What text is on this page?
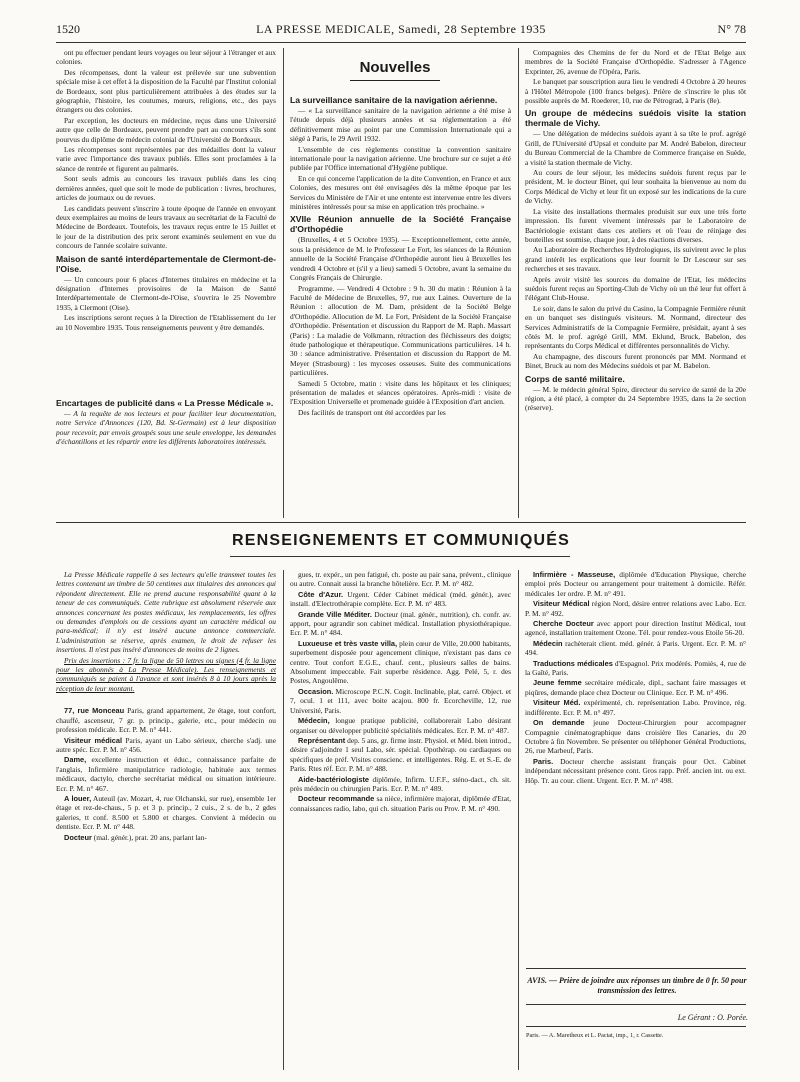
1520	LA PRESSE MEDICALE, Samedi, 28 Septembre 1935	N° 78

ont pu effectuer pendant leurs voyages ou leur séjour à l'étranger et aux colonies.

Des récompenses, dont la valeur est prélevée sur une subvention spéciale mise à cet effet à la disposition de la Faculté par l'Institut colonial de Bordeaux, sont plus particulièrement attribuées à des études sur la géographie, l'histoire, les coutumes, mœurs, religions, etc., des pays étrangers ou des colonies.

Par exception, les docteurs en médecine, reçus dans une Université autre que celle de Bordeaux, peuvent prendre part au concours s'ils sont pourvus du diplôme de médecin colonial de l'Université de Bordeaux.

Les récompenses sont représentées par des médailles dont la valeur varie avec l'importance des travaux publiés. Elles sont proclamées à la séance de rentrée et figurent au palmarès.

Sont seuls admis au concours les travaux publiés dans les cinq dernières années, quel que soit le mode de publication : livres, brochures, articles de journaux ou de revues.

Les candidats peuvent s'inscrire à toute époque de l'année en envoyant deux exemplaires au moins de leurs travaux au secrétariat de la Faculté de Médecine de Bordeaux. Toutefois, les travaux reçus entre le 15 Juillet et le jour de la distribution des prix seront examinés seulement en vue du concours de l'année scolaire suivante.

Maison de santé interdépartementale de Clermont-de-l'Oise.

— Un concours pour 6 places d'Internes titulaires en médecine et la désignation d'Internes provisoires de la Maison de Santé Interdépartementale de Clermont-de-l'Oise, s'ouvrira le 25 Novembre 1935, à Clermont (Oise).

Les inscriptions seront reçues à la Direction de l'Etablissement du 1er au 10 Novembre 1935. Tous renseignements peuvent y être demandés.

Encartages de publicité dans « La Presse Médicale ».

— A la requête de nos lecteurs et pour faciliter leur documentation, notre Service d'Annonces (120, Bd. St-Germain) est à leur disposition pour recevoir, par envois groupés sous une seule enveloppe, les demandes d'échantillons et les répartir entre les différents laboratoires intéressés.

Nouvelles

La surveillance sanitaire de la navigation aérienne.

— « La surveillance sanitaire de la navigation aérienne a été mise à l'étude depuis déjà plusieurs années et sa réglementation a été définitivement mise au point par une Commission Internationale qui a siégé à Paris, le 29 Avril 1932.

L'ensemble de ces règlements constitue la convention sanitaire internationale pour la navigation aérienne. Une brochure sur ce sujet a été publiée par l'Office international d'Hygiène publique.

En ce qui concerne l'application de la dite Convention, en France et aux Colonies, des mesures ont été envisagées dès la même époque par les Services du Ministère de l'Air et une entente est intervenue entre les divers ministères intéressés pour sa mise en application très prochaine. »

XVIIe Réunion annuelle de la Société Française d'Orthopédie

(Bruxelles, 4 et 5 Octobre 1935). — Exceptionnellement, cette année, sous la présidence de M. le Professeur Le Fort, les séances de la Réunion annuelle de la Société Française d'Orthopédie auront lieu à Bruxelles les vendredi 4 Octobre et (s'il y a lieu) samedi 5 Octobre, avant la semaine du Congrès Français de Chirurgie.

Programme. — Vendredi 4 Octobre : 9 h. 30 du matin : Réunion à la Faculté de Médecine de Bruxelles, 97, rue aux Laines. Ouverture de la Réunion : allocution de M. Dam, président de la Société Belge d'Orthopédie. Allocution de M. Le Fort, Président de la Société Française d'Orthopédie. Présentation et discussion du Rapport de M. Raph. Massart (Paris) : La maladie de Volkmann, rétraction des fléchisseurs des doigts; étude pathologique et thérapeutique. Communications particulières. 14 h. 30 : séance administrative. Présentation et discussion du Rapport de M. Meyer (Strasbourg) : les mycoses osseuses. Suite des communications particulières.

Samedi 5 Octobre, matin : visite dans les hôpitaux et les cliniques; présentation de malades et séances opératoires. Après-midi : visite de l'Exposition Universelle et promenade guidée à l'Exposition d'art ancien.

Des facilités de transport ont été accordées par les

Compagnies des Chemins de fer du Nord et de l'Etat Belge aux membres de la Société Française d'Orthopédie. S'adresser à l'Agence Exprinter, 26, avenue de l'Opéra, Paris.

Le banquet par souscription aura lieu le vendredi 4 Octobre à 20 heures à l'Hôtel Métropole (100 francs belges). Prière de s'inscrire le plus tôt possible auprès de M. Roederer, 10, rue de Pétrograd, à Paris (8e).

Un groupe de médecins suédois visite la station thermale de Vichy.

— Une délégation de médecins suédois ayant à sa tête le prof. agrégé Grill, de l'Université d'Upsal et conduite par M. André Babelon, directeur du Bureau Commercial de la Chambre de Commerce française en Suède, a visité la station thermale de Vichy.

Au cours de leur séjour, les médecins suédois furent reçus par le président, M. le docteur Binet, qui leur souhaita la bienvenue au nom du Corps Médical de Vichy et leur fit un exposé sur les indications de la cure de Vichy.

La visite des installations thermales produisit sur eux une très forte impression. Ils furent vivement intéressés par le Laboratoire de Bactériologie existant dans ces ateliers et où l'eau de réinjage des bouteilles est soumise, chaque jour, à des réactions diverses.

Au Laboratoire de Recherches Hydrologiques, ils suivirent avec le plus grand intérêt les explications que leur fournit le Dr Lescœur sur ses recherches et ses travaux.

Après avoir visité les sources du domaine de l'Etat, les médecins suédois furent reçus au Sporting-Club de Vichy où un thé leur fut offert à l'élégant Club-House.

Le soir, dans le salon du privé du Casino, la Compagnie Fermière réunit en un banquet ses distingués visiteurs. M. Normand, directeur des Services Administratifs de la Compagnie Fermière, présidait, ayant à ses côtés M. le prof. agrégé Grill, MM. Eklund, Bruck, Babelon, des représentants du Corps Médical et différentes personnalités de Vichy.

Au champagne, des discours furent prononcés par MM. Normand et Binet, Bruck au nom des Médecins suédois et par M. Babelon.

Corps de santé militaire.

— M. le médecin général Spire, directeur du service de santé de la 20e région, a été placé, à compter du 24 Septembre 1935, dans la 2e section (réserve).

RENSEIGNEMENTS ET COMMUNIQUÉS

La Presse Médicale rappelle à ses lecteurs qu'elle transmet toutes les lettres contenant un timbre de 50 centimes aux titulaires des annonces qui répondent directement. Elle ne prend aucune responsabilité quant à la teneur de ces communiqués. Cette rubrique est absolument réservée aux annonces concernant les postes médicaux, les remplacements, les offres ou demandes d'emplois ou de cessions ayant un caractère médical ou para-médical; il n'y est inséré aucune annonce commerciale. L'administration se réserve, après examen, le droit de refuser les insertions. Il n'est pas inséré d'annonces de moins de 2 lignes.

Prix des insertions : 7 fr. la ligne de 50 lettres ou signes (4 fr. la ligne pour les abonnés à La Presse Médicale). Les renseignements et communiqués se paient à l'avance et sont insérés 8 à 10 jours après la réception de leur montant.

77, rue Monceau Paris, grand appartement, 2e étage, tout confort, chauffé, ascenseur, 7 gr. p. princip., galerie, etc., pour médecin ou profession médicale. Ecr. P. M. n° 441.

Visiteur médical Paris, ayant un Labo sérieux, cherche s'adj. une autre spéc. Ecr. P. M. n° 456.

Dame, excellente instruction et éduc., connaissance parfaite de l'anglais, Infirmière manipulatrice radiologie, habituée aux termes médicaux, dactylo, cherche secrétariat médical ou situation intérieure. Ecr. P. M. n° 467.

A louer, Auteuil (av. Mozart, 4, rue Olchanski, sur rue), ensemble 1er étage et rez-de-chaus., 5 p. et 3 p. princip., 2 cuis., 2 s. de b., 2 gdes galeries, tt conf. 8.500 et 5.800 et charges. Convient à médecin ou dentiste. Ecr. P. M. n° 448.

Docteur (mal. génér.), prat. 20 ans, parlant lan-

gues, tr. expér., un peu fatigué, ch. poste au pair sana, prévent., clinique ou autre. Connait aussi la branche hôtelière. Ecr. P. M. n° 482.

Côte d'Azur. Urgent. Céder Cabinet médical (méd. génér.), avec install. d'Electrothérapie complète. Ecr. P. M. n° 483.

Grande Ville Méditer. Docteur (mal. génér., nutrition), ch. confr. av. apport, pour agrandir son cabinet médical. Installation physiothérapique. Ecr. P. M. n° 484.

Luxueuse et très vaste villa, plein cœur de Ville, 20.000 habitants, superbement disposée pour agencement clinique, n'existant pas dans ce centre. Tout confort E.G.E., chauf. cent., plusieurs salles de bains. Absolument impeccable. Fait superbe résidence. Agg. Pelé, 5, r. des Postes, Angoulême.

Occasion. Microscope P.C.N. Cogit. Inclinable, plat, carré. Object. et 7, ocul. 1 et 111, avec boite acajou. 800 fr. Ecorcheville, 12, rue Université, Paris.

Médecin, longue pratique publicité, collaborerait Labo désirant organiser ou développer publicité spécialités médicales. Ecr. P. M. n° 487.

Représentant dep. 5 ans, gr. firme instr. Physiol. et Méd. bien introd., désire s'adjoindre 1 seul Labo, sér. spécial. Opothérap. ou cardiaques ou spécifiques de préf. Visites conscienc. et intelligentes. Rég. E. et S.-E. de Paris. Rtes réf. Ecr. P. M. n° 488.

Aide-bactériologiste diplômée, Infirm. U.F.F., sténo-dact., ch. sit. près médecin ou chirurgien Paris. Ecr. P. M. n° 489.

Docteur recommande sa nièce, infirmière majorat, diplômée d'Etat, connaissances radio, labo, qui ch. situation Paris ou Prov. P. M. n° 490.

Infirmière - Masseuse, diplômée d'Education Physique, cherche emploi près Docteur ou arrangement pour traitement à domicile. Référ. médicales 1er ordre. P. M. n° 491.

Visiteur Médical région Nord, désire entrer relations avec Labo. Ecr. P. M. n° 492.

Cherche Docteur avec apport pour direction Institut Médical, tout agencé, installation traitement Ozone. Tél. pour rendez-vous Etoile 56-20.

Médecin rachèterait client. méd. génér. à Paris. Urgent. Ecr. P. M. n° 494.

Traductions médicales d'Espagnol. Prix modérés. Pomiès, 4, rue de la Gaîté, Paris.

Jeune femme secrétaire médicale, dipl., sachant faire massages et piqûres, demande place chez Docteur ou Clinique. Ecr. P. M. n° 496.

Visiteur Méd. expérimenté, ch. représentation Labo. Province, rég. indifférente. Ecr. P. M. n° 497.

On demande jeune Docteur-Chirurgien pour accompagner Compagnie cinématographique dans croisière Iles Canaries, du 20 Octobre à fin Novembre. Se présenter ou téléphoner Général Productions, 26, rue Marbeuf, Paris.

Paris. Docteur cherche assistant français pour Oct. Cabinet indépendant nécessitant présence cont. Gros rapp. Préf. ancien int. ou ext. Hôp. Tr. au cour. client. Urgent. Ecr. P. M. n° 498.

AVIS. — Prière de joindre aux réponses un timbre de 0 fr. 50 pour transmission des lettres.
Le Gérant : O. Porée.
Paris. — A. Maretheux et L. Pactat, imp., 1, r. Cassette.
